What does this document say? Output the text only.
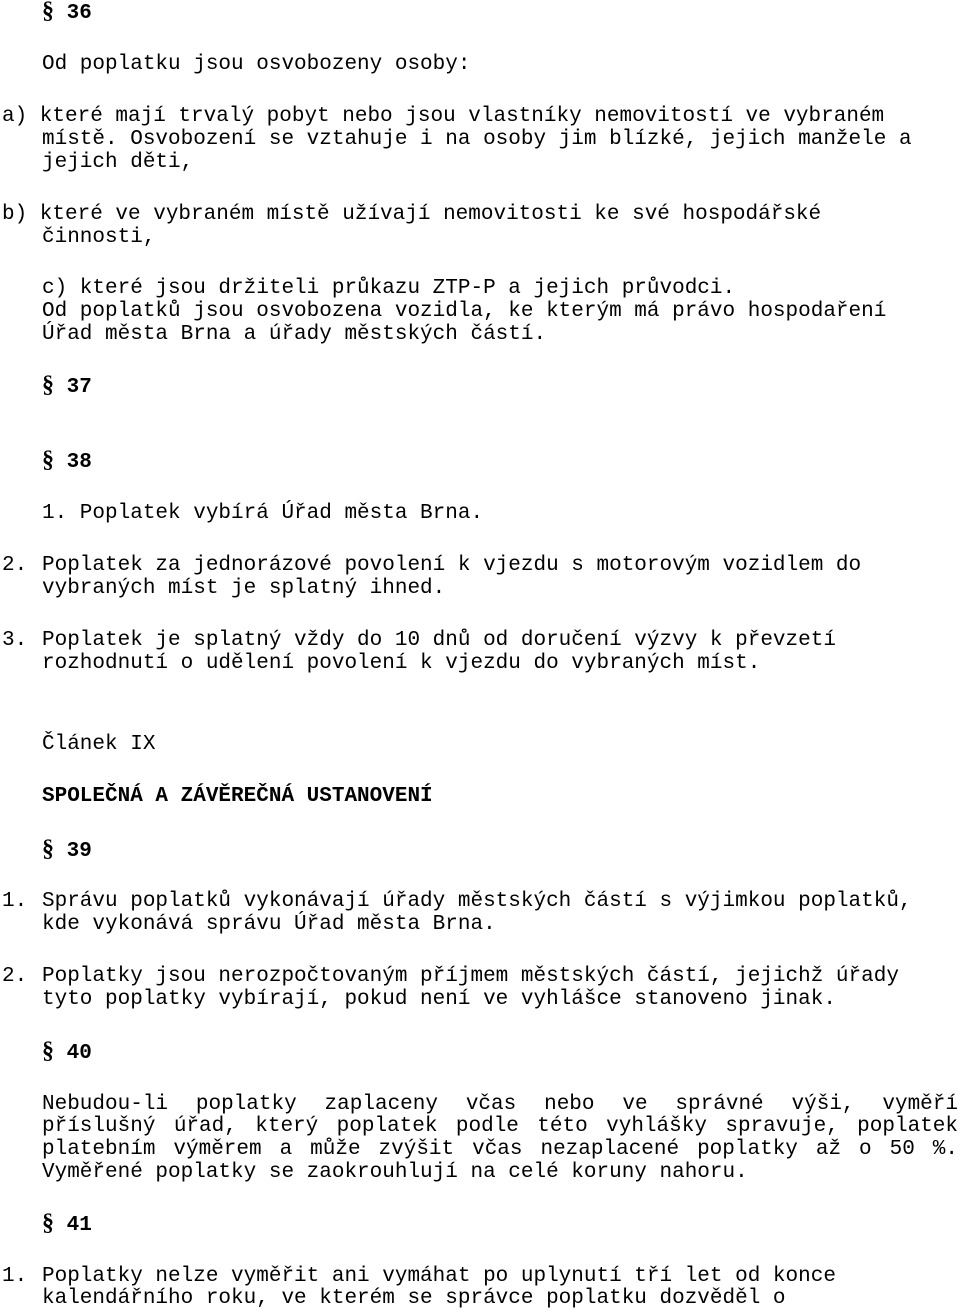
§ 36
Od poplatku jsou osvobozeny osoby:
a) které mají trvalý pobyt nebo jsou vlastníky nemovitostí ve vybraném
místě. Osvobození se vztahuje i na osoby jim blízké, jejich manžele a
jejich děti,
b) které ve vybraném místě užívají nemovitosti ke své hospodářské
činnosti,
c) které jsou držiteli průkazu ZTP-P a jejich průvodci.
Od poplatků jsou osvobozena vozidla, ke kterým má právo hospodaření
Úřad města Brna a úřady městských částí.
§ 37
§ 38
1. Poplatek vybírá Úřad města Brna.
2. Poplatek za jednorázové povolení k vjezdu s motorovým vozidlem do
vybraných míst je splatný ihned.
3. Poplatek je splatný vždy do 10 dnů od doručení výzvy k převzetí
rozhodnutí o udělení povolení k vjezdu do vybraných míst.
Článek IX
SPOLEČNÁ A ZÁVĚREČNÁ USTANOVENÍ
§ 39
1. Správu poplatků vykonávají úřady městských částí s výjimkou poplatků,
kde vykonává správu Úřad města Brna.
2. Poplatky jsou nerozpočtovaným příjmem městských částí, jejichž úřady
tyto poplatky vybírají, pokud není ve vyhlášce stanoveno jinak.
§ 40
Nebudou-li poplatky zaplaceny včas nebo ve správné výši, vyměří
příslušný úřad, který poplatek podle této vyhlášky spravuje, poplatek
platebním výměrem a může zvýšit včas nezaplacené poplatky až o 50 %.
Vyměřené poplatky se zaokrouhlují na celé koruny nahoru.
§ 41
1. Poplatky nelze vyměřit ani vymáhat po uplynutí tří let od konce
kalendářního roku, ve kterém se správce poplatku dozvěděl o
